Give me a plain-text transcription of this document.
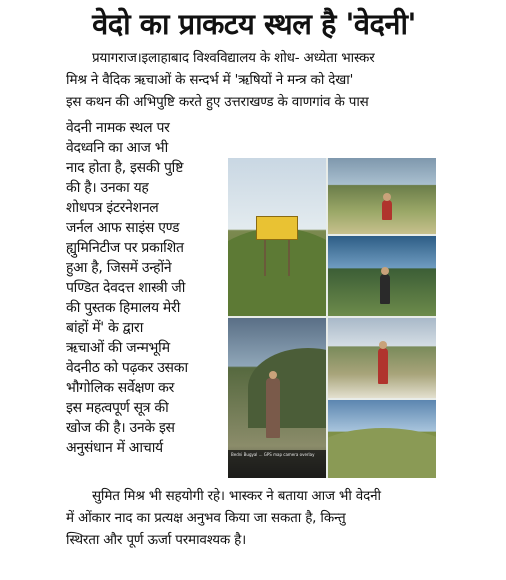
वेदो का प्राकटय स्थल है 'वेदनी'
प्रयागराज।इलाहाबाद विश्वविद्यालय के शोध- अध्येता भास्कर
मिश्र ने वैदिक ऋचाओं के सन्दर्भ में 'ऋषियों ने मन्त्र को देखा'
इस कथन की अभिपुष्टि करते हुए उत्तराखण्ड के वाणगांव के पास

वेदनी नामक स्थल पर

वेदध्वनि का आज भी

नाद होता है, इसकी पुष्टि

की है। उनका यह

शोधपत्र इंटरनेशनल

जर्नल आफ साइंस एण्ड

ह्युमिनिटीज पर प्रकाशित

हुआ है, जिसमें उन्होंने

पण्डित देवदत्त शास्त्री जी

की पुस्तक हिमालय मेरी

बांहों में' के द्वारा

ऋचाओं की जन्मभूमि

वेदनीठ को पढ़कर उसका

भौगोलिक सर्वेक्षण कर

इस महत्वपूर्ण सूत्र की

खोज की है। उनके इस

अनुसंधान में आचार्य	Bedni Bugyal ... GPS map camera overlay
सुमित मिश्र भी सहयोगी रहे। भास्कर ने बताया आज भी वेदनी
में ओंकार नाद का प्रत्यक्ष अनुभव किया जा सकता है, किन्तु
स्थिरता और पूर्ण ऊर्जा परमावश्यक है।
